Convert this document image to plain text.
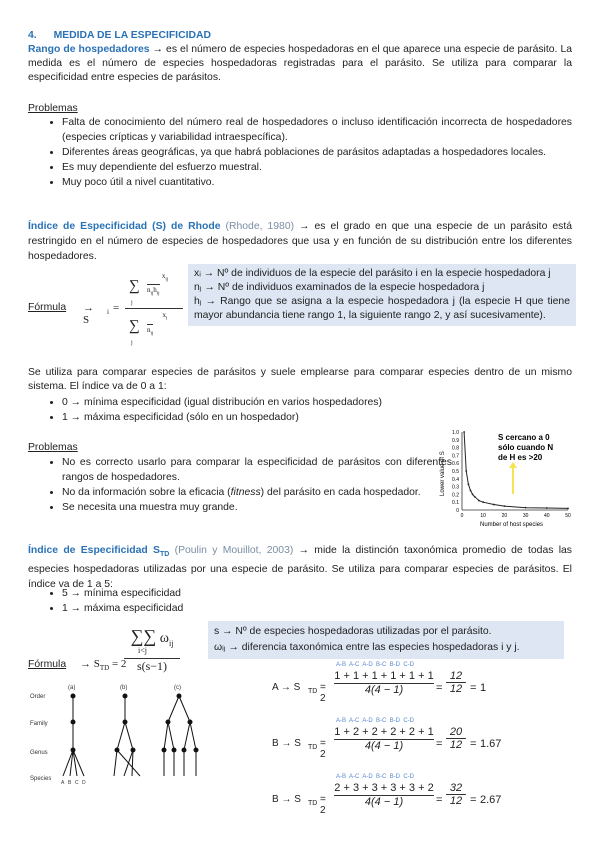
4. MEDIDA DE LA ESPECIFICIDAD
Rango de hospedadores → es el número de especies hospedadoras en el que aparece una especie de parásito. La medida es el número de especies hospedadoras registradas para el parásito. Se utiliza para comparar la especificidad entre especies de parásitos.
Problemas
• Falta de conocimiento del número real de hospedadores o incluso identificación incorrecta de hospedadores (especies crípticas y variabilidad intraespecífica).
• Diferentes áreas geográficas, ya que habrá poblaciones de parásitos adaptadas a hospedadores locales.
• Es muy dependiente del esfuerzo muestral.
• Muy poco útil a nivel cuantitativo.
Índice de Especificidad (S) de Rhode (Rhode, 1980) → es el grado en que una especie de un parásito está restringido en el número de especies de hospedadores que usa y en función de su distribución entre los diferentes hospedadores.
Fórmula → S
i =
$x_{ij}$
∑ $n_{ij}h_{ij}$
j
$x_i$
∑ $n_{ij}$
j
xᵢ → Nº de individuos de la especie del parásito i en la especie hospedadora j
nⱼ → Nº de individuos examinados de la especie hospedadora j
hⱼ → Rango que se asigna a la especie hospedadora j (la especie H que tiene mayor abundancia tiene rango 1, la siguiente rango 2, y así sucesivamente).
Se utiliza para comparar especies de parásitos y suele emplearse para comparar especies dentro de un mismo sistema. El índice va de 0 a 1:
• 0 → mínima especificidad (igual distribución en varios hospedadores)
• 1 → máxima especificidad (sólo en un hospedador)
Problemas
• No es correcto usarlo para comparar la especificidad de parásitos con diferentes rangos de hospedadores.
• No da información sobre la eficacia (fitness) del parásito en cada hospedador.
• Se necesita una muestra muy grande.	0
0.1
0.2
0.3
0.4
0.5
0.6
0.7
0.8
0.9
1.0
0	10	20	30	40	50
S cercano a 0
sólo cuando N
de H es >20
Lower value of S
Number of host species
Índice de Especificidad $S_{TD}$ (Poulin y Mouillot, 2003) → mide la distinción taxonómica promedio de todas las especies hospedadoras utilizadas por una especie de parásito. Se utiliza para comparar especies de parásitos. El índice va de 1 a 5:
• 5 → mínima especificidad
• 1 → máxima especificidad
Fórmula → $S_{TD} = 2$
∑∑ $\omega_{ij}$
i<j
s(s−1)
s → Nº de especies hospedadoras utilizadas por el parásito.
ωᵢⱼ → diferencia taxonómica entre las especies hospedadoras i y j.
Order
Family
Genus
Species
(a)	(b)	(c)
A B C D
A-B  A-C  A-D  B-C  B-D  C-D
A → S TD = 2
$\frac{1 + 1 + 1 + 1 + 1 + 1}{4(4 - 1)} = \frac{12}{12} = 1$
A-B  A-C  A-D  B-C  B-D  C-D
B → S TD = 2
$\frac{1 + 2 + 2 + 2 + 2 + 1}{4(4 - 1)} = \frac{20}{12} = 1.67$
A-B  A-C  A-D  B-C  B-D  C-D
B → S TD = 2
$\frac{2 + 3 + 3 + 3 + 3 + 2}{4(4 - 1)} = \frac{32}{12} = 2.67$
